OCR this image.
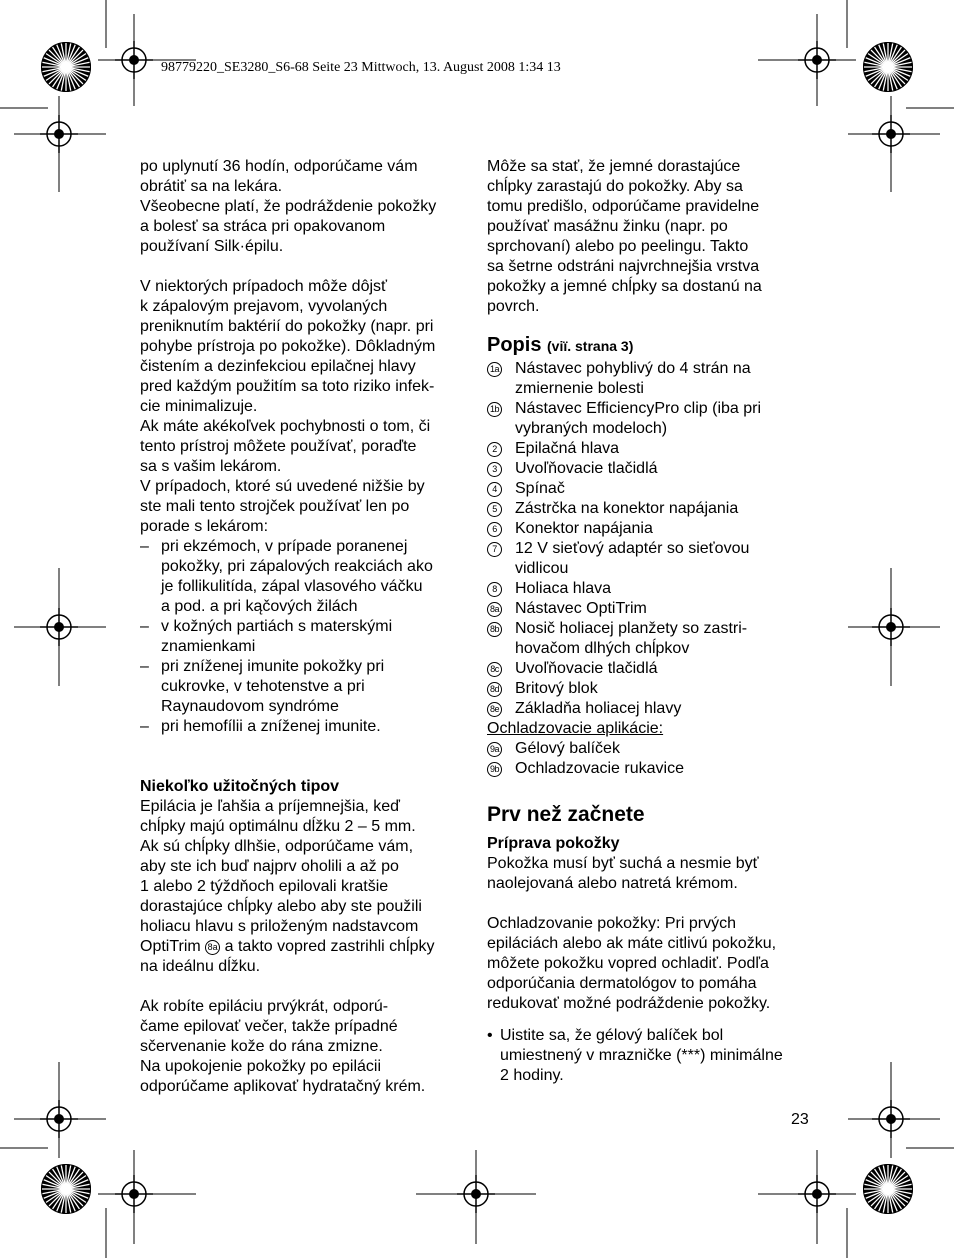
98779220_SE3280_S6-68 Seite 23 Mittwoch, 13. August 2008 1:34 13

po uplynutí 36 hodín, odporúčame vám
obrátiť sa na lekára.
Všeobecne platí, že podráždenie pokožky
a bolesť sa stráca pri opakovanom
používaní Silk·épilu.

V niektorých prípadoch môže dôjsť
k zápalovým prejavom, vyvolaných
preniknutím baktérií do pokožky (napr. pri
pohybe prístroja po pokožke). Dôkladným
čistením a dezinfekciou epilačnej hlavy
pred každým použitím sa toto riziko infek-
cie minimalizuje.
Ak máte akékoľvek pochybnosti o tom, či
tento prístroj môžete používať, poraďte
sa s vašim lekárom.
V prípadoch, ktoré sú uvedené nižšie by
ste mali tento strojček používať len po
porade s lekárom:

– pri ekzémoch, v prípade poranenej
pokožky, pri zápalových reakciách ako
je follikulitída, zápal vlasového váčku
a pod. a pri kąčových žilách
– v kožných partiách s materskými
znamienkami
– pri zníženej imunite pokožky pri
cukrovke, v tehotenstve a pri
Raynaudovom syndróme
– pri hemofílii a zníženej imunite.
Niekoľko užitočných tipov

Epilácia je ľahšia a príjemnejšia, keď
chĺpky majú optimálnu dĺžku 2 – 5 mm.
Ak sú chĺpky dlhšie, odporúčame vám,
aby ste ich buď najprv oholili a až po
1 alebo 2 týždňoch epilovali kratšie
dorastajúce chĺpky alebo aby ste použili
holiacu hlavu s priloženým nadstavcom
OptiTrim 8a a takto vopred zastrihli chĺpky
na ideálnu dĺžku.

Ak robíte epiláciu prvýkrát, odporú-
čame epilovať večer, takže prípadné
sčervenanie kože do rána zmizne.
Na upokojenie pokožky po epilácii
odporúčame aplikovať hydratačný krém.

Môže sa stať, že jemné dorastajúce
chĺpky zarastajú do pokožky. Aby sa
tomu predišlo, odporúčame pravidelne
používať masážnu žinku (napr. po
sprchovaní) alebo po peelingu. Takto
sa šetrne odstráni najvrchnejšia vrstva
pokožky a jemné chĺpky sa dostanú na
povrch.

Popis (viï. strana 3)
1a Nástavec pohyblivý do 4 strán na
zmiernenie bolesti
1b Nástavec EfficiencyPro clip (iba pri
vybraných modeloch)
2	Epilačná hlava
3	Uvoľňovacie tlačidlá
4	Spínač
5	Zástrčka na konektor napájania
6	Konektor napájania
7	12 V sieťový adaptér so sieťovou
vidlicou
8	Holiaca hlava
8a Nástavec OptiTrim
8b Nosič holiacej planžety so zastri-
hovačom dlhých chĺpkov
8c Uvoľňovacie tlačidlá
8d Britový blok
8e Základňa holiacej hlavy
Ochladzovacie aplikácie:
9a Gélový balíček
9b Ochladzovacie rukavice
Prv než začnete
Príprava pokožky

Pokožka musí byť suchá a nesmie byť
naolejovaná alebo natretá krémom.

Ochladzovanie pokožky: Pri prvých
epiláciách alebo ak máte citlivú pokožku,
môžete pokožku vopred ochladiť. Podľa
odporúčania dermatológov to pomáha
redukovať možné podráždenie pokožky.

• Uistite sa, že gélový balíček bol
umiestnený v mrazničke (***) minimálne
2 hodiny.
23
